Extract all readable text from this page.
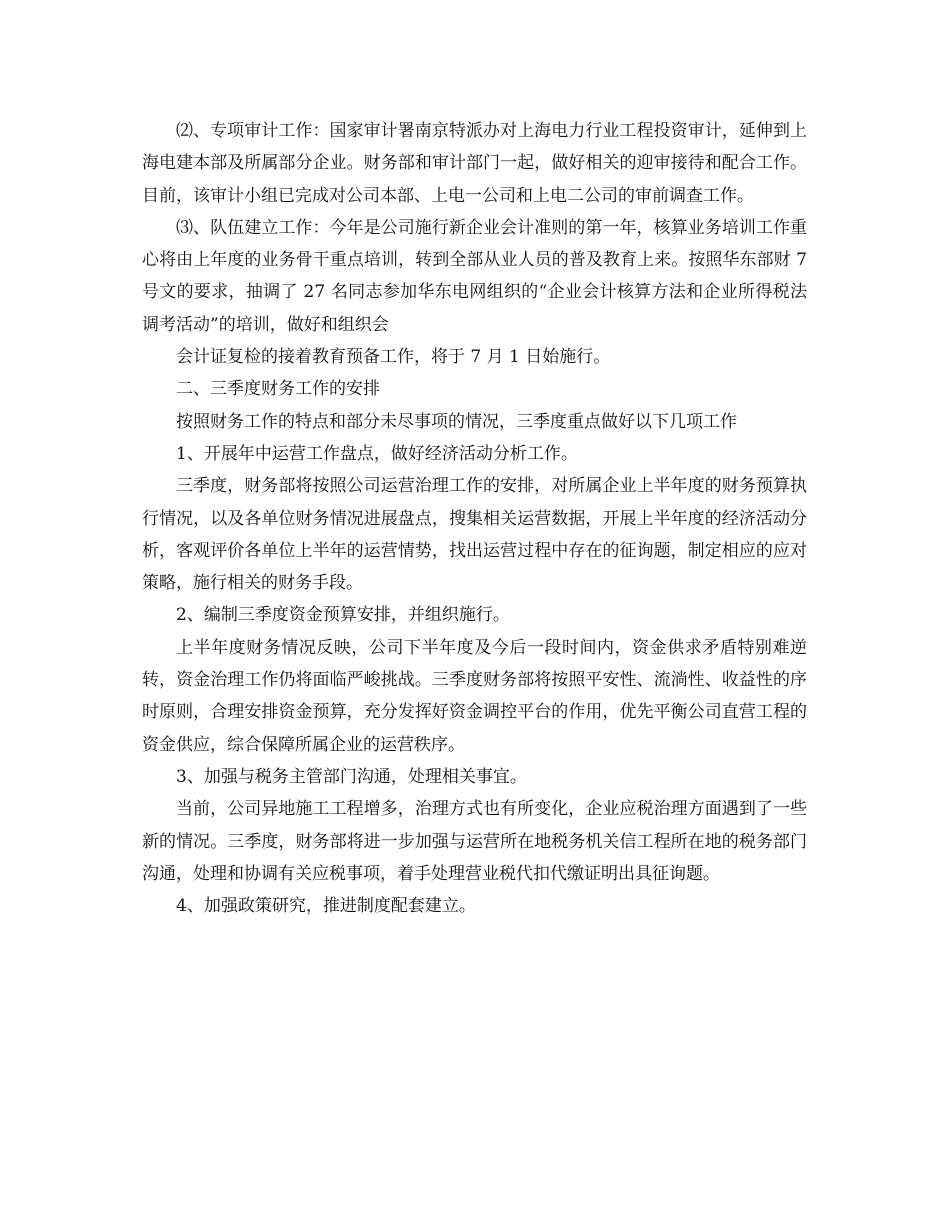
⑵、专项审计工作：国家审计署南京特派办对上海电力行业工程投资审计，延伸到上海电建本部及所属部分企业。财务部和审计部门一起，做好相关的迎审接待和配合工作。目前，该审计小组已完成对公司本部、上电一公司和上电二公司的审前调查工作。

⑶、队伍建立工作：今年是公司施行新企业会计准则的第一年，核算业务培训工作重心将由上年度的业务骨干重点培训，转到全部从业人员的普及教育上来。按照华东部财 7 号文的要求，抽调了 27 名同志参加华东电网组织的“企业会计核算方法和企业所得税法调考活动”的培训，做好和组织会

会计证复检的接着教育预备工作，将于 7 月 1 日始施行。

二、三季度财务工作的安排

按照财务工作的特点和部分未尽事项的情况，三季度重点做好以下几项工作

1、开展年中运营工作盘点，做好经济活动分析工作。

三季度，财务部将按照公司运营治理工作的安排，对所属企业上半年度的财务预算执行情况，以及各单位财务情况进展盘点，搜集相关运营数据，开展上半年度的经济活动分析，客观评价各单位上半年的运营情势，找出运营过程中存在的征询题，制定相应的应对策略，施行相关的财务手段。

2、编制三季度资金预算安排，并组织施行。

上半年度财务情况反映，公司下半年度及今后一段时间内，资金供求矛盾特别难逆转，资金治理工作仍将面临严峻挑战。三季度财务部将按照平安性、流淌性、收益性的序时原则，合理安排资金预算，充分发挥好资金调控平台的作用，优先平衡公司直营工程的资金供应，综合保障所属企业的运营秩序。

3、加强与税务主管部门沟通，处理相关事宜。

当前，公司异地施工工程增多，治理方式也有所变化，企业应税治理方面遇到了一些新的情况。三季度，财务部将进一步加强与运营所在地税务机关信工程所在地的税务部门沟通，处理和协调有关应税事项，着手处理营业税代扣代缴证明出具征询题。

4、加强政策研究，推进制度配套建立。
